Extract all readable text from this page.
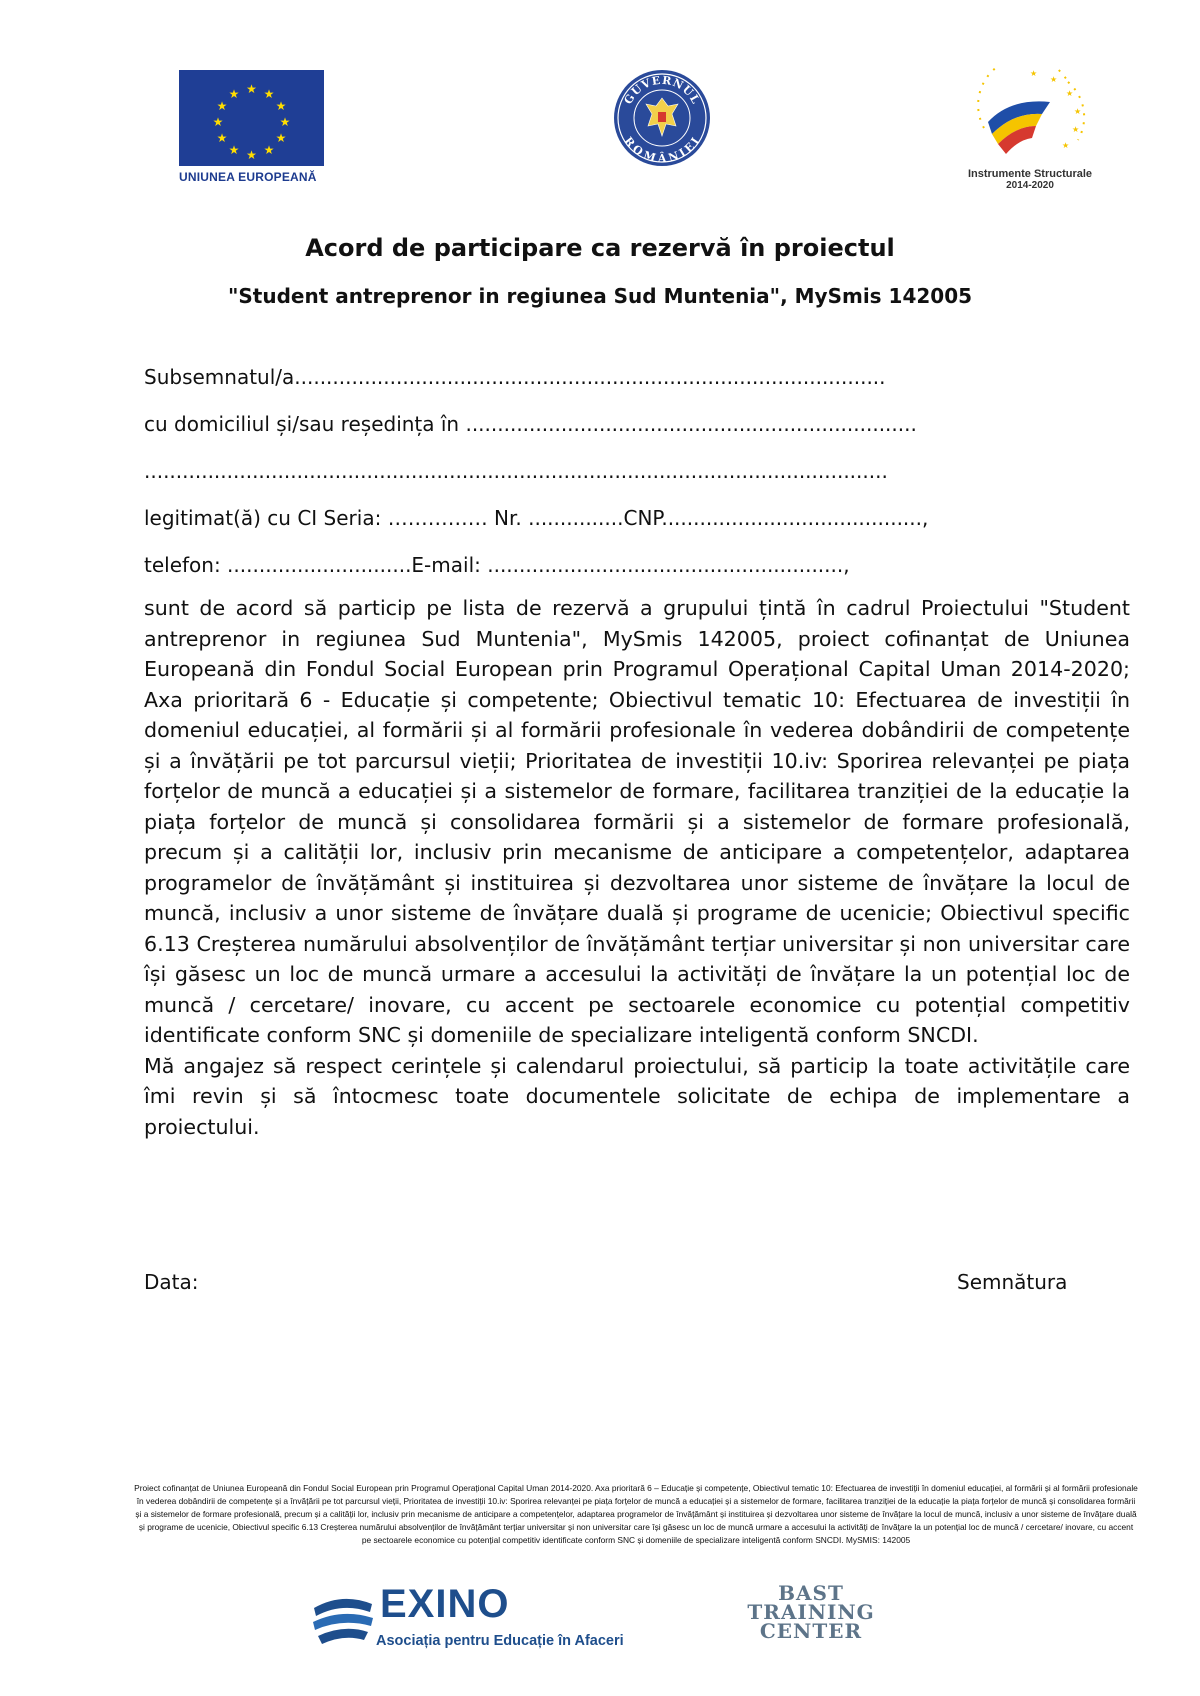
★ ★
★
★
★
★
★
★
★
★
★
★
UNIUNEA EUROPEANĂ
GUVERNUL
ROMÂNIEI
★
★
★
★
★
★
Instrumente Structurale
2014-2020
Acord de participare ca rezervă în proiectul
"Student antreprenor in regiunea Sud Muntenia", MySmis 142005
Subsemnatul/a.............................................................................................
cu domiciliul și/sau reședința în .......................................................................
.....................................................................................................................
legitimat(ă) cu CI Seria: …………… Nr. ...............CNP.........................................,
telefon: .............................E-mail: ........................................................,

sunt de acord să particip pe lista de rezervă a grupului țintă în cadrul Proiectului "Student antreprenor in regiunea Sud Muntenia", MySmis 142005, proiect cofinanțat de Uniunea Europeană din Fondul Social European prin Programul Operațional Capital Uman 2014-2020; Axa prioritară 6 - Educație și competente; Obiectivul tematic 10: Efectuarea de investiții în domeniul educației, al formării și al formării profesionale în vederea dobândirii de competențe și a învățării pe tot parcursul vieții; Prioritatea de investiții 10.iv: Sporirea relevanței pe piața forțelor de muncă a educației și a sistemelor de formare, facilitarea tranziției de la educație la piața forțelor de muncă și consolidarea formării și a sistemelor de formare profesională, precum și a calității lor, inclusiv prin mecanisme de anticipare a competențelor, adaptarea programelor de învățământ și instituirea și dezvoltarea unor sisteme de învățare la locul de muncă, inclusiv a unor sisteme de învățare duală și programe de ucenicie; Obiectivul specific 6.13 Creșterea numărului absolvenților de învățământ terțiar universitar și non universitar care își găsesc un loc de muncă urmare a accesului la activități de învățare la un potențial loc de muncă / cercetare/ inovare, cu accent pe sectoarele economice cu potențial competitiv identificate conform SNC și domeniile de specializare inteligentă conform SNCDI.

Mă angajez să respect cerințele și calendarul proiectului, să particip la toate activitățile care îmi revin și să întocmesc toate documentele solicitate de echipa de implementare a proiectului.

Data:	Semnătura
Proiect cofinanțat de Uniunea Europeană din Fondul Social European prin Programul Operațional Capital Uman 2014-2020. Axa prioritară 6 – Educație și competențe, Obiectivul tematic 10: Efectuarea de investiții în domeniul educației, al formării și al formării profesionale în vederea dobândirii de competențe și a învățării pe tot parcursul vieții, Prioritatea de investiții 10.iv: Sporirea relevanței pe piața forțelor de muncă a educației și a sistemelor de formare, facilitarea tranziției de la educație la piața forțelor de muncă și consolidarea formării și a sistemelor de formare profesională, precum și a calității lor, inclusiv prin mecanisme de anticipare a competențelor, adaptarea programelor de învățământ și instituirea și dezvoltarea unor sisteme de învățare la locul de muncă, inclusiv a unor sisteme de învățare duală și programe de ucenicie, Obiectivul specific 6.13 Creșterea numărului absolvenților de învățământ terțiar universitar și non universitar care își găsesc un loc de muncă urmare a accesului la activități de învățare la un potențial loc de muncă / cercetare/ inovare, cu accent pe sectoarele economice cu potențial competitiv identificate conform SNC și domeniile de specializare inteligentă conform SNCDI. MySMIS: 142005
EXINO
Asociația pentru Educație în Afaceri
BAST
TRAINING
CENTER
